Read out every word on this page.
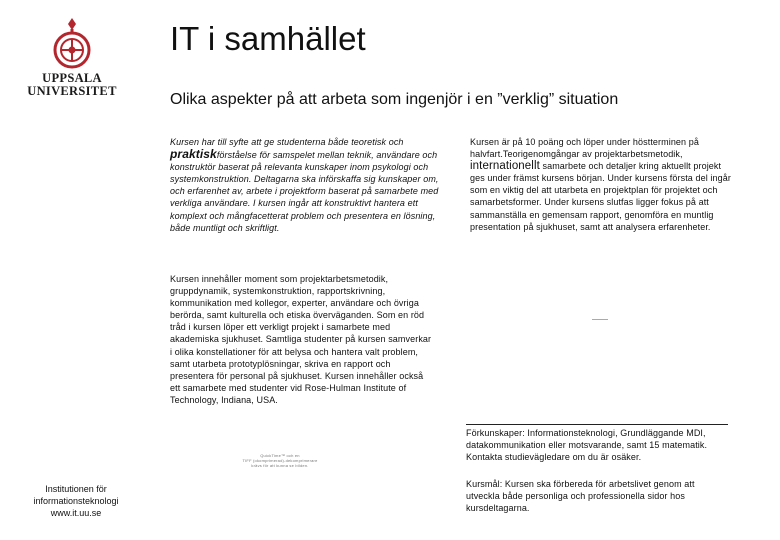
UPPSALA
UNIVERSITET
IT i samhället
Olika aspekter på att arbeta som ingenjör i en ”verklig” situation
Kursen har till syfte att ge studenterna både teoretisk och praktiskförståelse för samspelet mellan teknik, användare och konstruktör baserat på relevanta kunskaper inom psykologi och systemkonstruktion. Deltagarna ska införskaffa sig kunskaper om, och erfarenhet av, arbete i projektform baserat på samarbete med verkliga användare. I kursen ingår att konstruktivt hantera ett komplext och mångfacetterat problem och presentera en lösning, både muntligt och skriftligt.
Kursen innehåller moment som projektarbetsmetodik, gruppdynamik, systemkonstruktion, rapportskrivning, kommunikation med kollegor, experter, användare och övriga berörda, samt kulturella och etiska överväganden. Som en röd tråd i kursen löper ett verkligt projekt i samarbete med akademiska sjukhuset. Samtliga studenter på kursen samverkar i olika konstellationer för att belysa och hantera valt problem, samt utarbeta prototyplösningar, skriva en rapport och presentera för personal på sjukhuset. Kursen innehåller också ett samarbete med studenter vid Rose-Hulman Institute of Technology, Indiana, USA.
Kursen är på 10 poäng och löper under höstterminen på halvfart.Teorigenomgångar av projektarbetsmetodik, internationellt samarbete och detaljer kring aktuellt projekt ges under främst kursens början. Under kursens första del ingår som en viktig del att utarbeta en projektplan för projektet och samarbetsformer. Under kursens slutfas ligger fokus på att sammanställa en gemensam rapport, genomföra en muntlig presentation på sjukhuset, samt att analysera erfarenheter.
Förkunskaper: Informationsteknologi, Grundläggande MDI, datakommunikation eller motsvarande, samt 15 matematik. Kontakta studievägledare om du är osäker.
Kursmål: Kursen ska förbereda för arbetslivet genom att utveckla både personliga och professionella sidor hos kursdeltagarna.
QuickTime™ och en
TIFF (okomprimerad)-dekomprimerare
krävs för att kunna se bilden.
Institutionen för
informationsteknologi
www.it.uu.se
